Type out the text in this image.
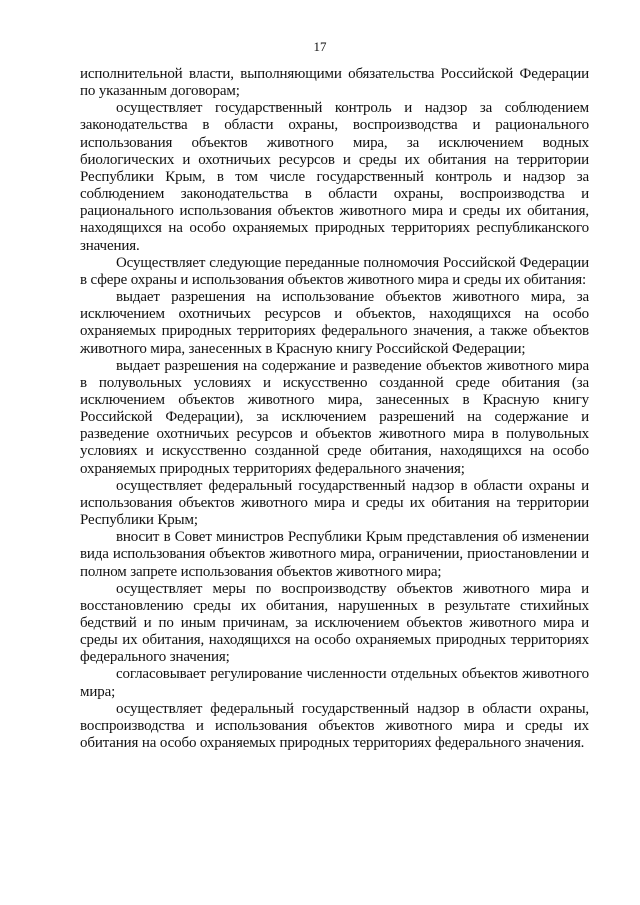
17

исполнительной власти, выполняющими обязательства Российской Федерации по указанным договорам;

осуществляет государственный контроль и надзор за соблюдением законодательства в области охраны, воспроизводства и рационального использования объектов животного мира, за исключением водных биологических и охотничьих ресурсов и среды их обитания на территории Республики Крым, в том числе государственный контроль и надзор за соблюдением законодательства в области охраны, воспроизводства и рационального использования объектов животного мира и среды их обитания, находящихся на особо охраняемых природных территориях республиканского значения.

Осуществляет следующие переданные полномочия Российской Федерации в сфере охраны и использования объектов животного мира и среды их обитания:

выдает разрешения на использование объектов животного мира, за исключением охотничьих ресурсов и объектов, находящихся на особо охраняемых природных территориях федерального значения, а также объектов животного мира, занесенных в Красную книгу Российской Федерации;

выдает разрешения на содержание и разведение объектов животного мира в полувольных условиях и искусственно созданной среде обитания (за исключением объектов животного мира, занесенных в Красную книгу Российской Федерации), за исключением разрешений на содержание и разведение охотничьих ресурсов и объектов животного мира в полувольных условиях и искусственно созданной среде обитания, находящихся на особо охраняемых природных территориях федерального значения;

осуществляет федеральный государственный надзор в области охраны и использования объектов животного мира и среды их обитания на территории Республики Крым;

вносит в Совет министров Республики Крым представления об изменении вида использования объектов животного мира, ограничении, приостановлении и полном запрете использования объектов животного мира;

осуществляет меры по воспроизводству объектов животного мира и восстановлению среды их обитания, нарушенных в результате стихийных бедствий и по иным причинам, за исключением объектов животного мира и среды их обитания, находящихся на особо охраняемых природных территориях федерального значения;

согласовывает регулирование численности отдельных объектов животного мира;

осуществляет федеральный государственный надзор в области охраны, воспроизводства и использования объектов животного мира и среды их обитания на особо охраняемых природных территориях федерального значения.
